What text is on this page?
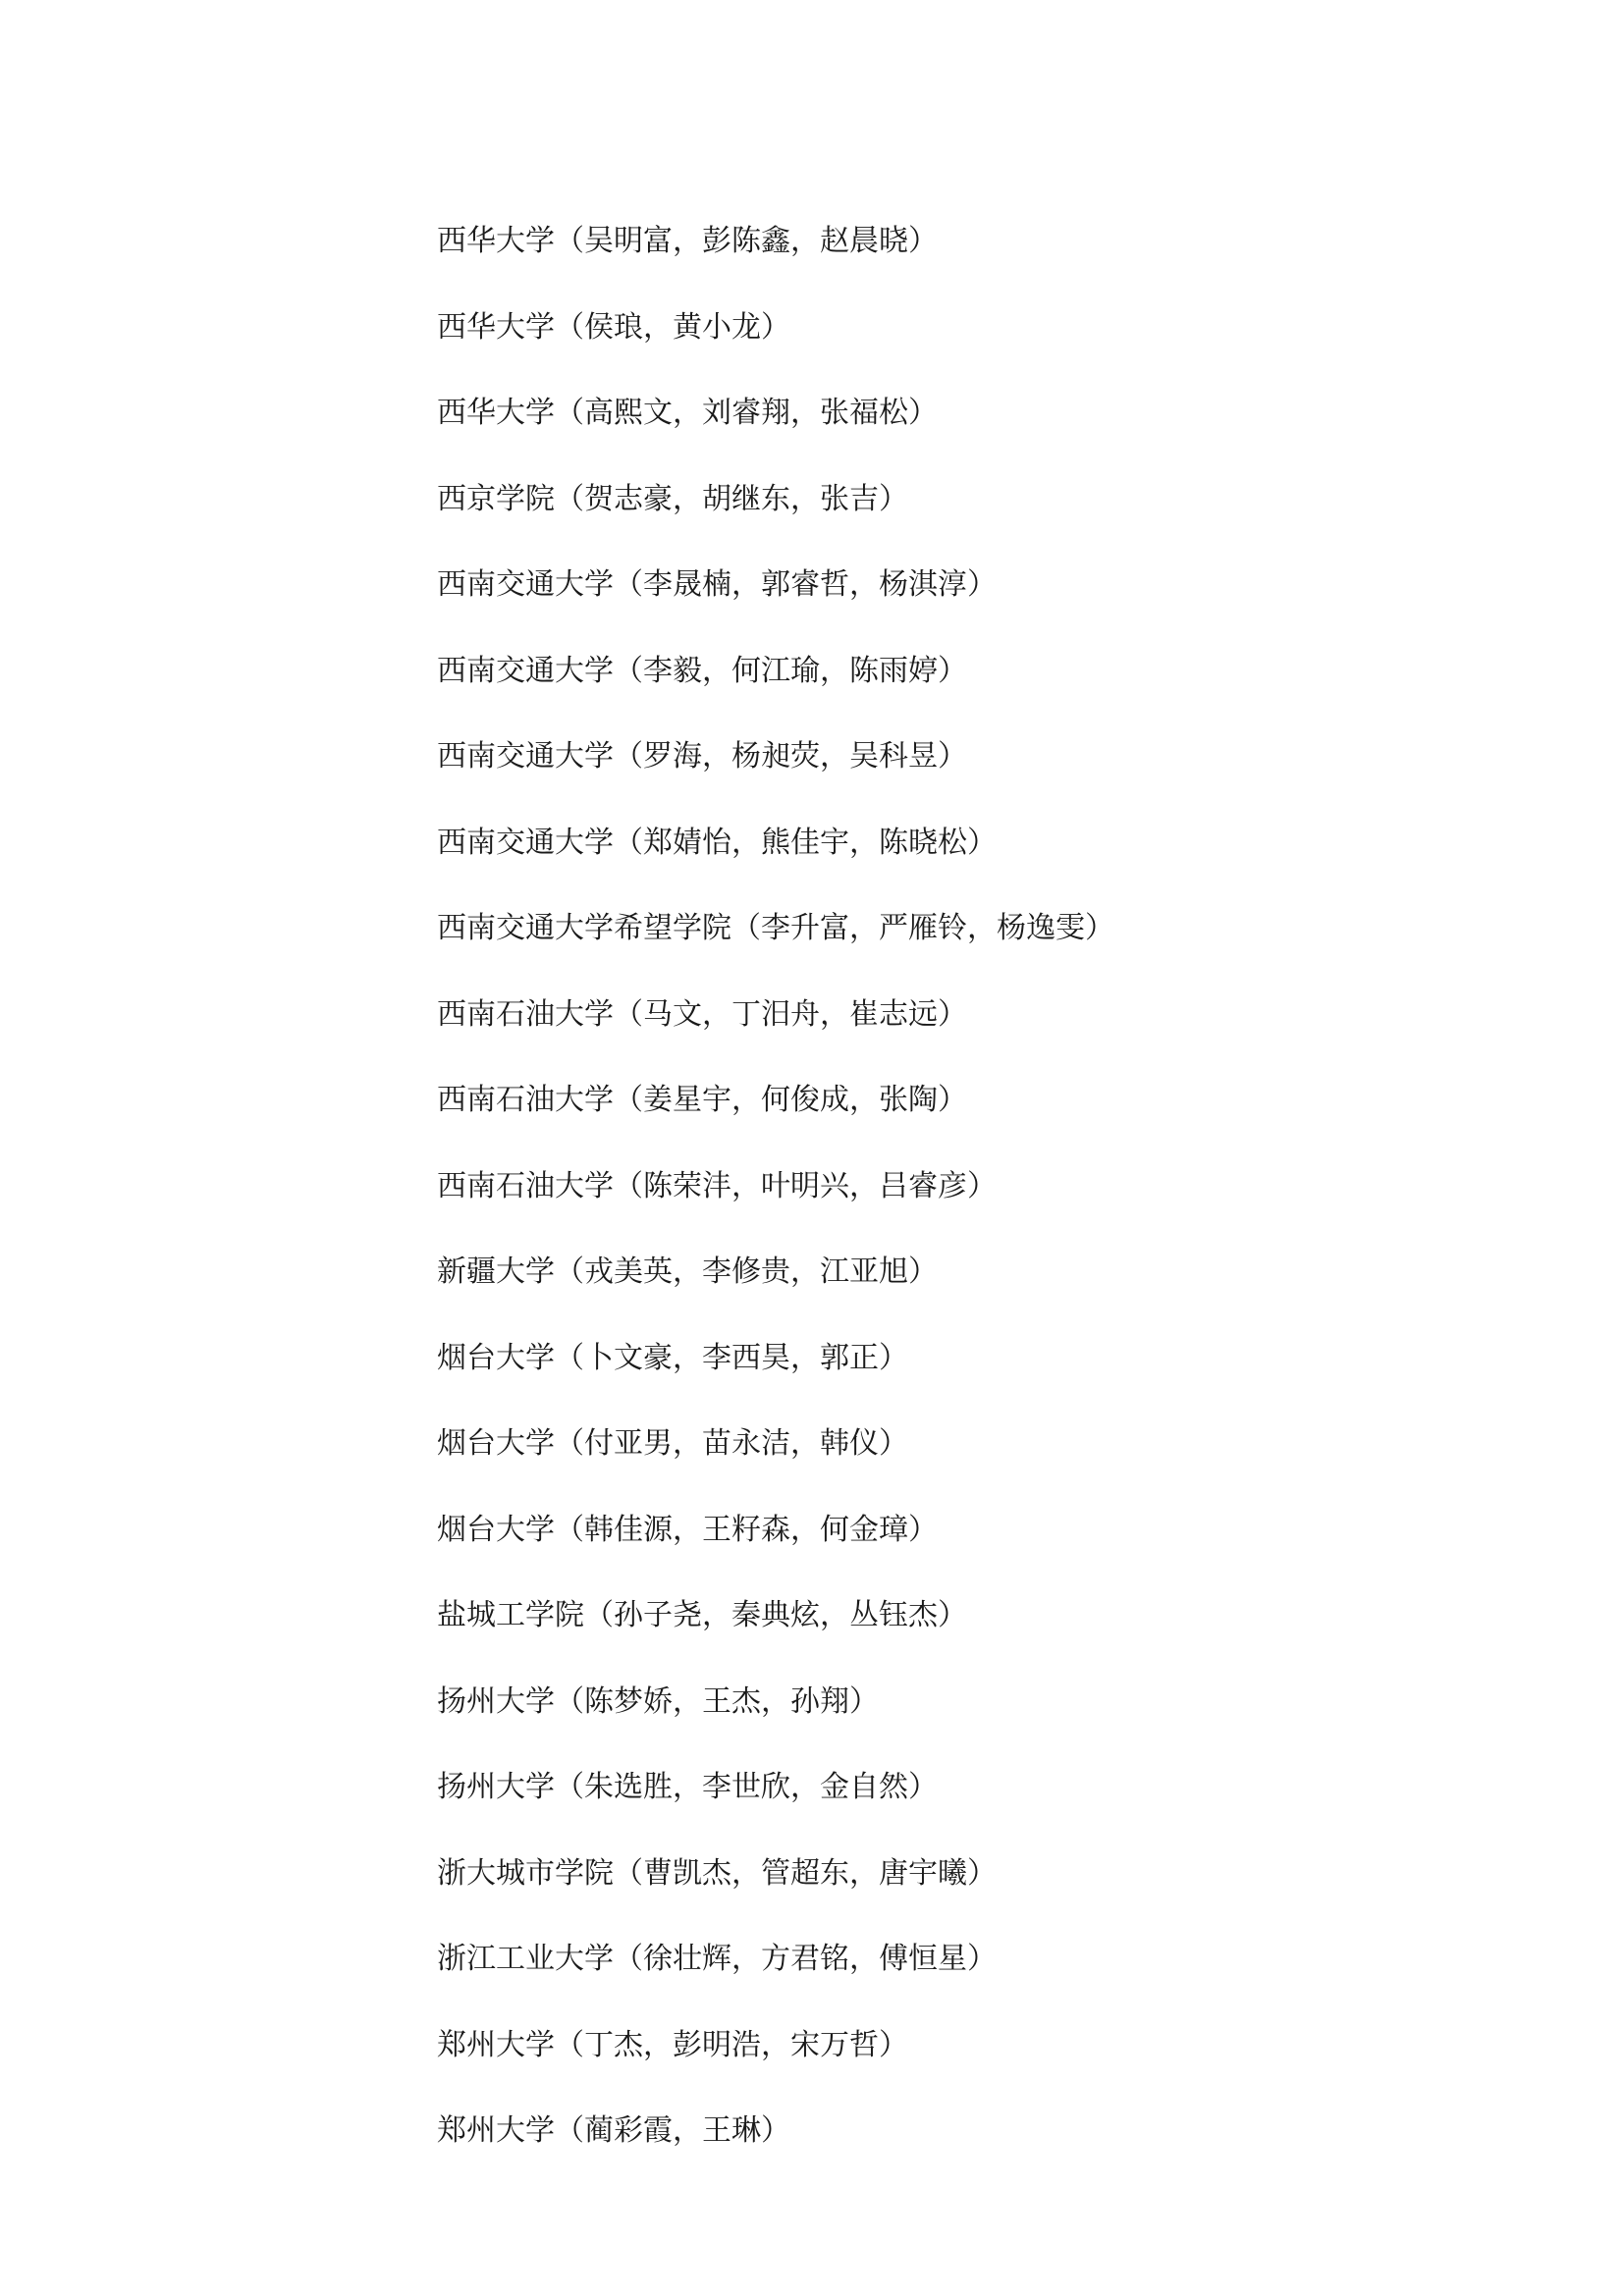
西华大学（吴明富，彭陈鑫，赵晨晓）
西华大学（侯琅，黄小龙）
西华大学（高熙文，刘睿翔，张福松）
西京学院（贺志豪，胡继东，张吉）
西南交通大学（李晟楠，郭睿哲，杨淇淳）
西南交通大学（李毅，何江瑜，陈雨婷）
西南交通大学（罗海，杨昶荧，吴科昱）
西南交通大学（郑婧怡，熊佳宇，陈晓松）
西南交通大学希望学院（李升富，严雁铃，杨逸雯）
西南石油大学（马文，丁汨舟，崔志远）
西南石油大学（姜星宇，何俊成，张陶）
西南石油大学（陈荣沣，叶明兴，吕睿彦）
新疆大学（戎美英，李修贵，江亚旭）
烟台大学（卜文豪，李西昊，郭正）
烟台大学（付亚男，苗永洁，韩仪）
烟台大学（韩佳源，王籽森，何金璋）
盐城工学院（孙子尧，秦典炫，丛钰杰）
扬州大学（陈梦娇，王杰，孙翔）
扬州大学（朱选胜，李世欣，金自然）
浙大城市学院（曹凯杰，管超东，唐宇曦）
浙江工业大学（徐壮辉，方君铭，傅恒星）
郑州大学（丁杰，彭明浩，宋万哲）
郑州大学（蔺彩霞，王琳）
